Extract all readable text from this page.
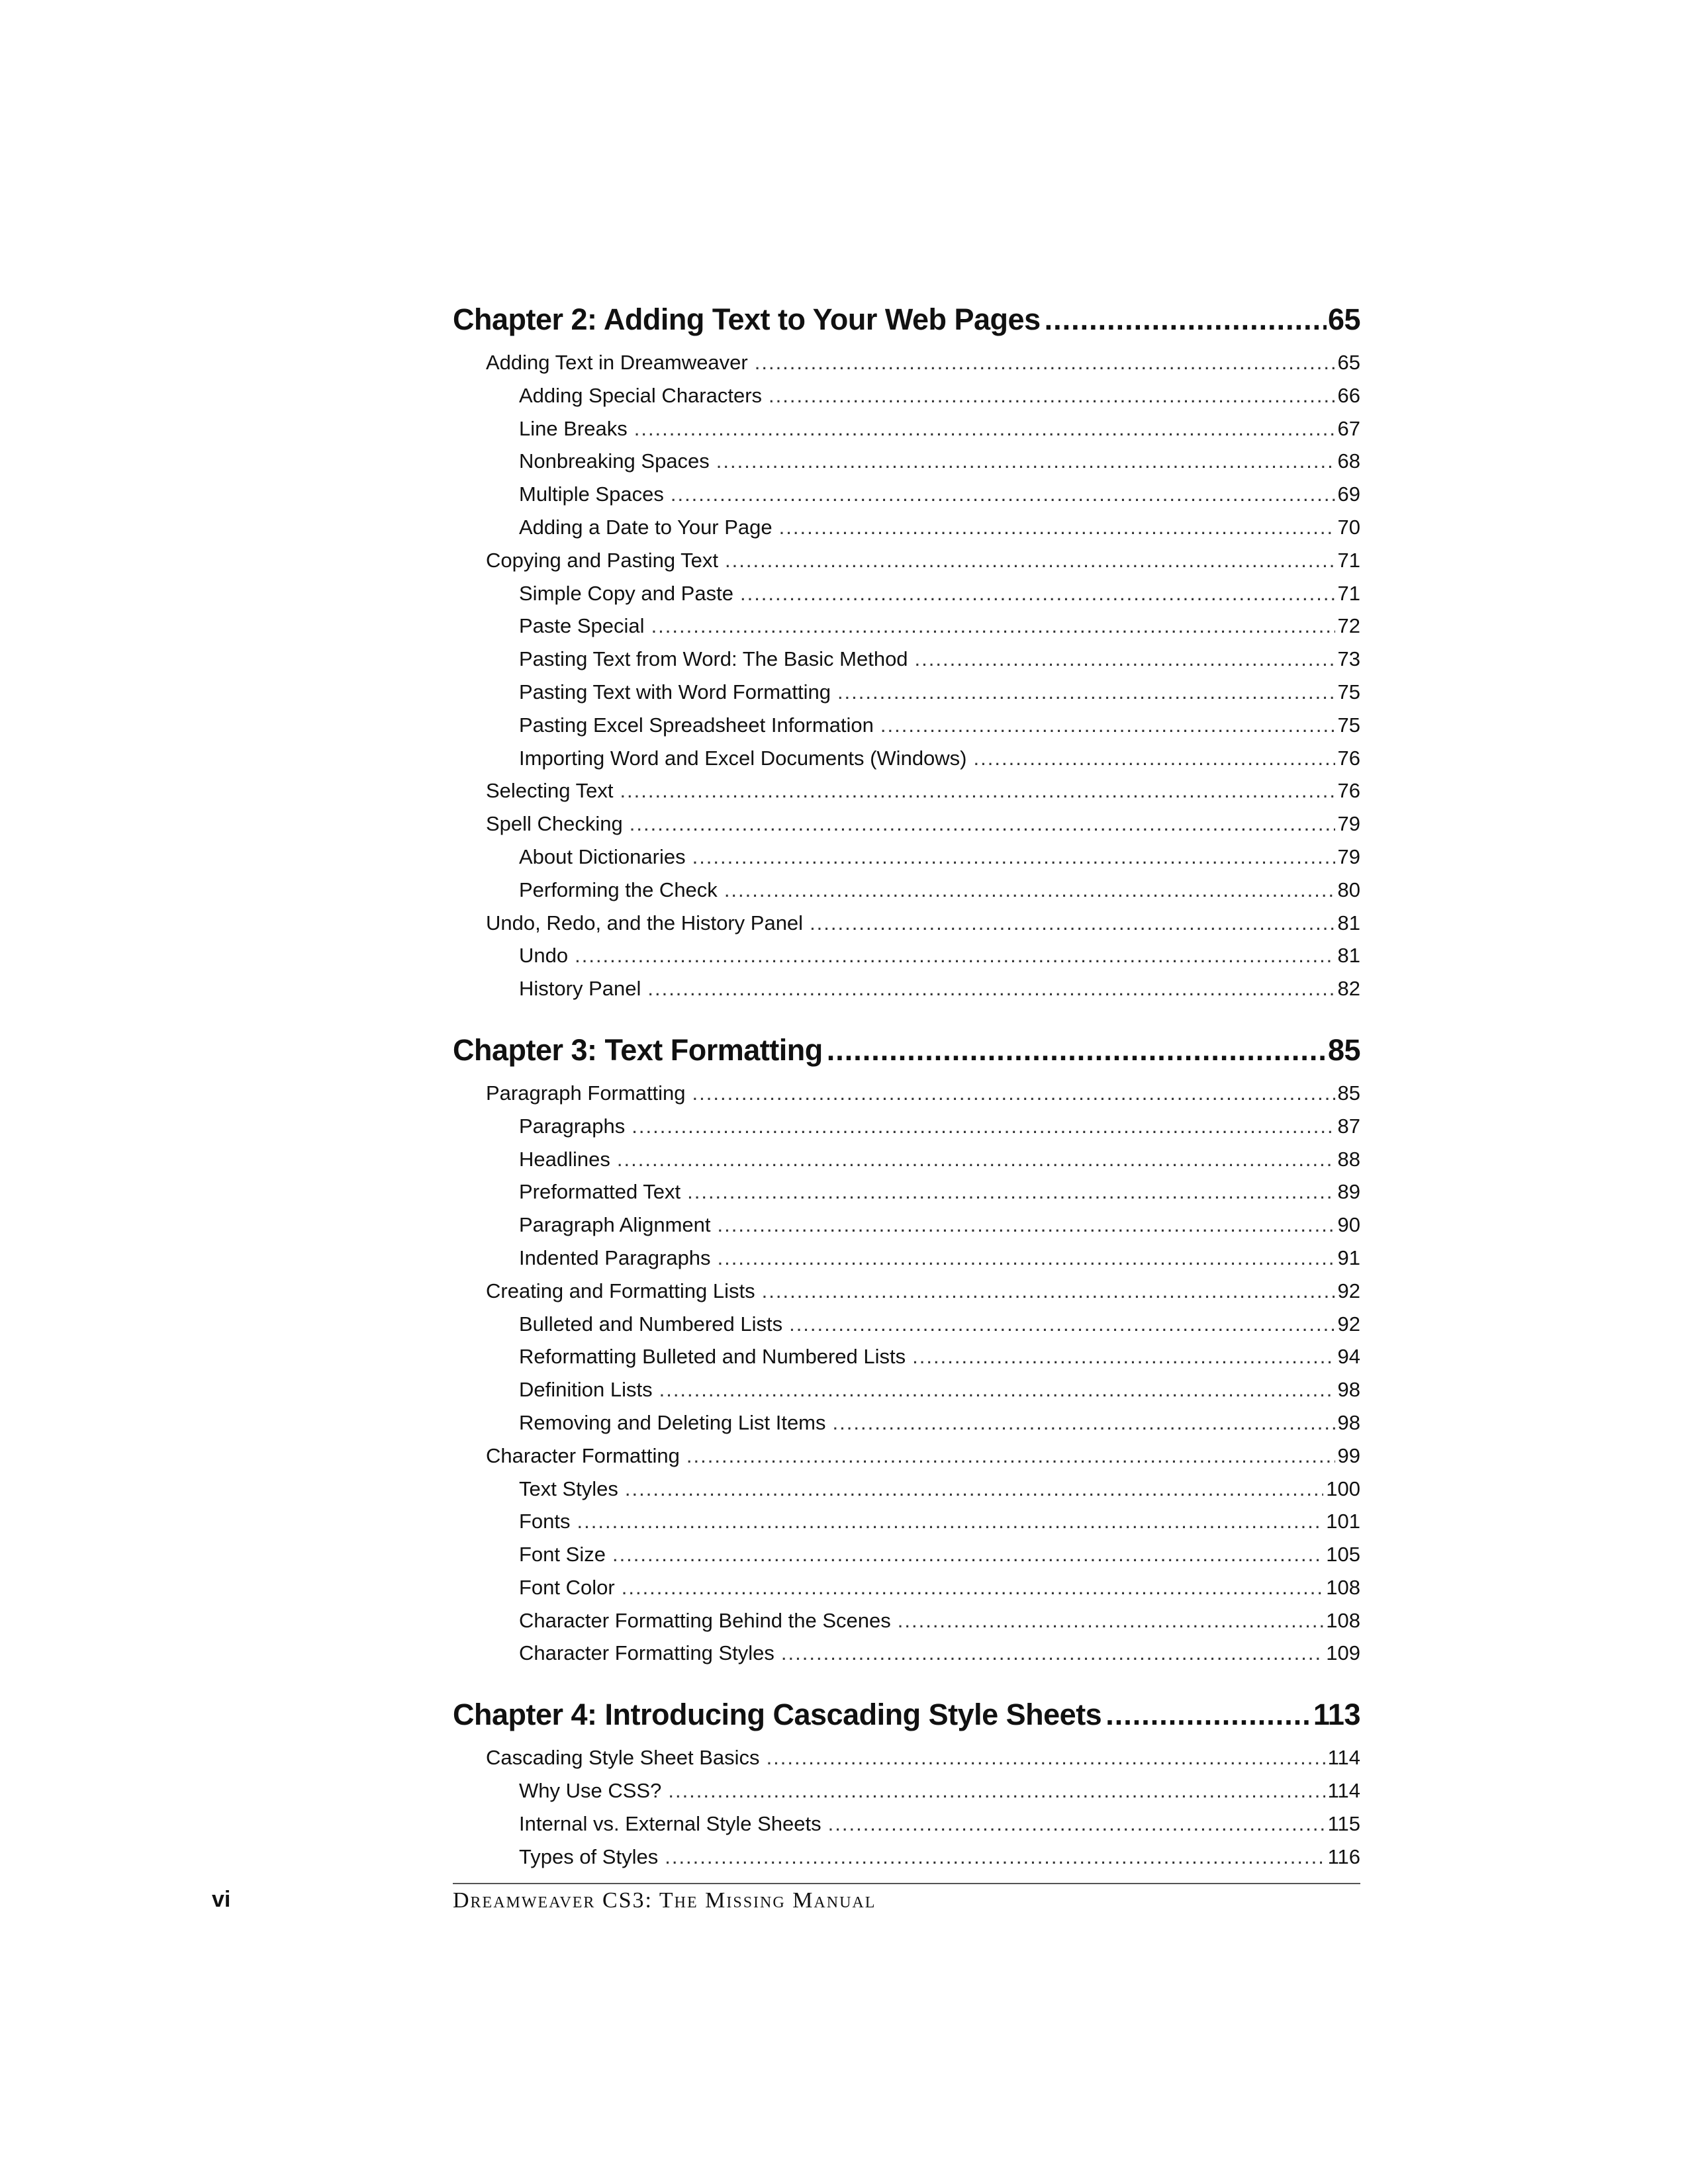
Chapter 2: Adding Text to Your Web Pages .....	65
Adding Text in Dreamweaver .....	65
Adding Special Characters .....	66
Line Breaks .....	67
Nonbreaking Spaces .....	68
Multiple Spaces .....	69
Adding a Date to Your Page .....	70
Copying and Pasting Text .....	71
Simple Copy and Paste .....	71
Paste Special .....	72
Pasting Text from Word: The Basic Method .....	73
Pasting Text with Word Formatting .....	75
Pasting Excel Spreadsheet Information .....	75
Importing Word and Excel Documents (Windows) .....	76
Selecting Text .....	76
Spell Checking .....	79
About Dictionaries .....	79
Performing the Check .....	80
Undo, Redo, and the History Panel .....	81
Undo .....	81
History Panel .....	82
Chapter 3: Text Formatting .....	85
Paragraph Formatting .....	85
Paragraphs .....	87
Headlines .....	88
Preformatted Text .....	89
Paragraph Alignment .....	90
Indented Paragraphs .....	91
Creating and Formatting Lists .....	92
Bulleted and Numbered Lists .....	92
Reformatting Bulleted and Numbered Lists .....	94
Definition Lists .....	98
Removing and Deleting List Items .....	98
Character Formatting .....	99
Text Styles .....	100
Fonts .....	101
Font Size .....	105
Font Color .....	108
Character Formatting Behind the Scenes .....	108
Character Formatting Styles .....	109
Chapter 4: Introducing Cascading Style Sheets .....	113
Cascading Style Sheet Basics .....	114
Why Use CSS? .....	114
Internal vs. External Style Sheets .....	115
Types of Styles .....	116
vi	Dreamweaver CS3: The Missing Manual
